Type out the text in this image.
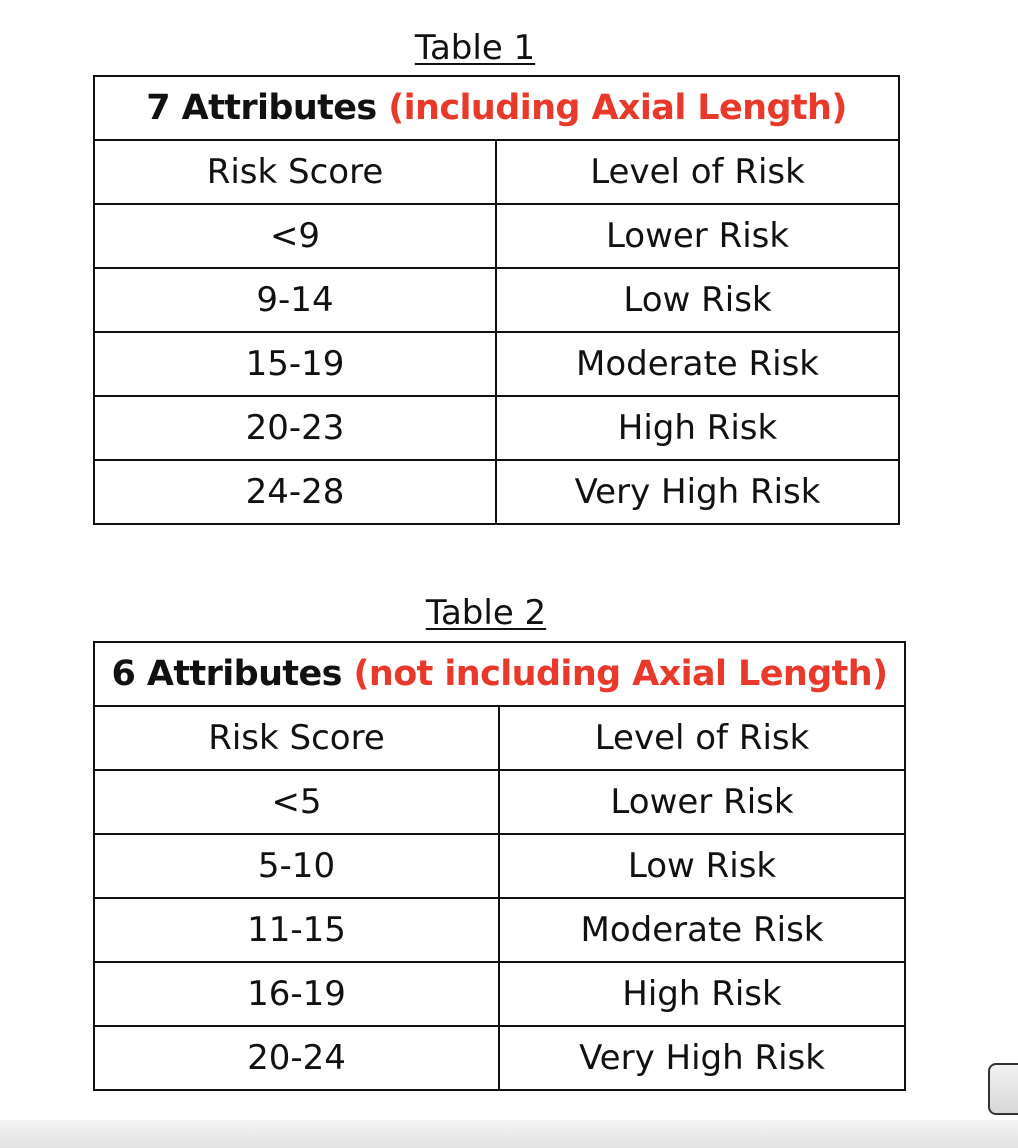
Table 1
7 Attributes (including Axial Length)	
Risk Score	Level of Risk
<9	Lower Risk
9-14	Low Risk
15-19	Moderate Risk
20-23	High Risk
24-28	Very High Risk
Table 2
6 Attributes (not including Axial Length)	
Risk Score	Level of Risk
<5	Lower Risk
5-10	Low Risk
11-15	Moderate Risk
16-19	High Risk
20-24	Very High Risk
